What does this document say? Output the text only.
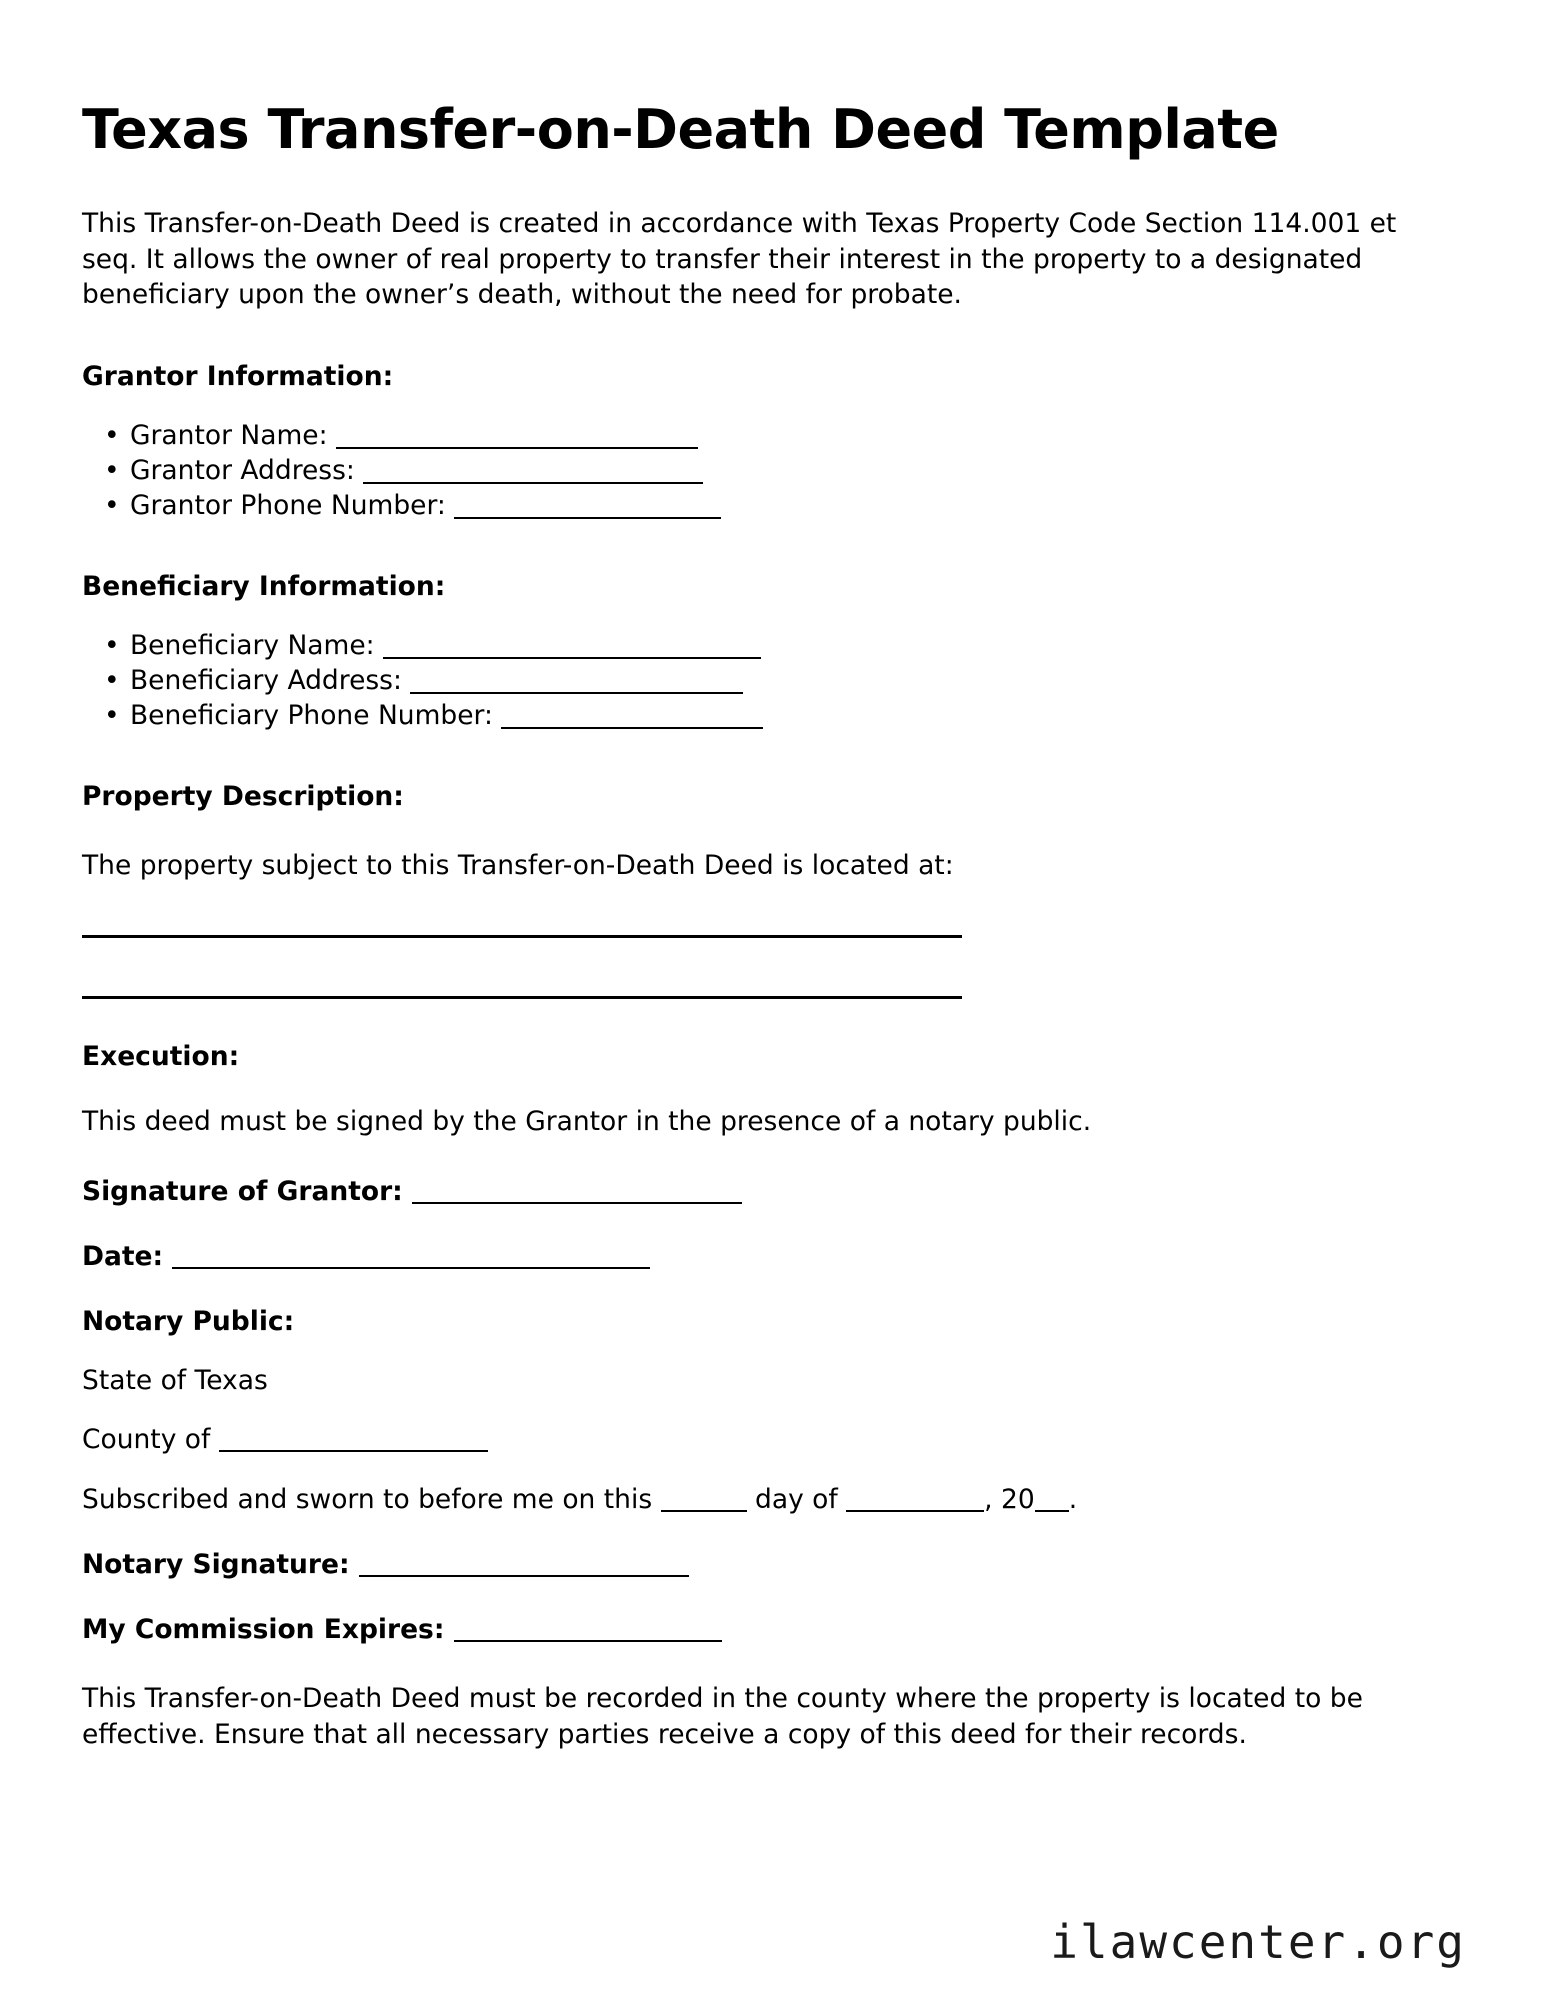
Texas Transfer-on-Death Deed Template

This Transfer-on-Death Deed is created in accordance with Texas Property Code Section 114.001 et seq. It allows the owner of real property to transfer their interest in the property to a designated beneficiary upon the owner’s death, without the need for probate.

Grantor Information:
• Grantor Name:
• Grantor Address:
• Grantor Phone Number:
Beneficiary Information:
• Beneficiary Name:
• Beneficiary Address:
• Beneficiary Phone Number:
Property Description:

The property subject to this Transfer-on-Death Deed is located at:

Execution:

This deed must be signed by the Grantor in the presence of a notary public.

Signature of Grantor:

Date:

Notary Public:

State of Texas

County of

Subscribed and sworn to before me on this	day of	, 20 .

Notary Signature:

My Commission Expires:

This Transfer-on-Death Deed must be recorded in the county where the property is located to be effective. Ensure that all necessary parties receive a copy of this deed for their records.

ilawcenter.org
